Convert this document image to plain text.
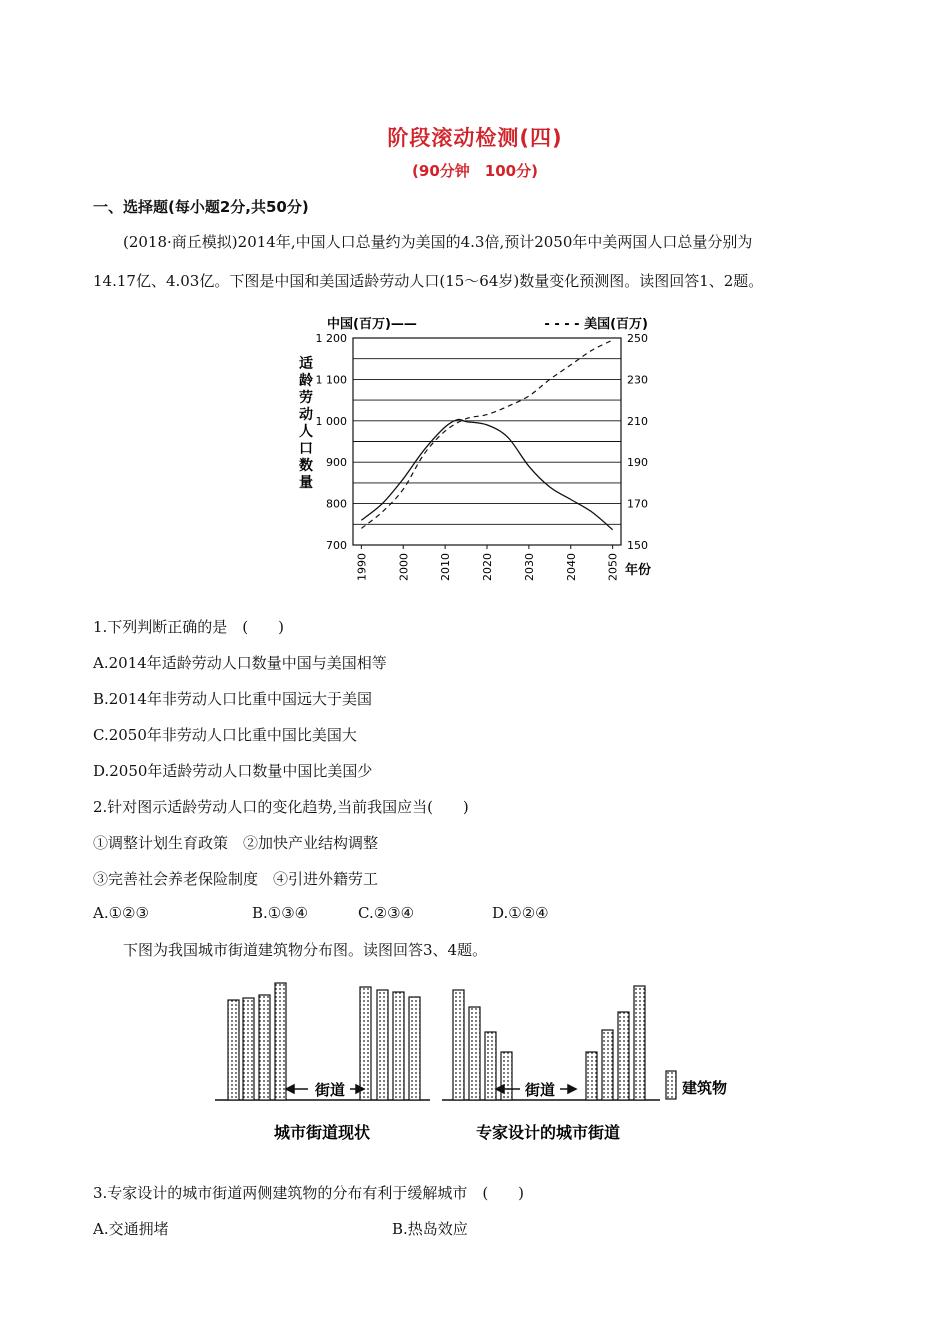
阶段滚动检测(四)
(90分钟　100分)
一、选择题(每小题2分,共50分)
(2018·商丘模拟)2014年,中国人口总量约为美国的4.3倍,预计2050年中美两国人口总量分别为
14.17亿、4.03亿。下图是中国和美国适龄劳动人口(15～64岁)数量变化预测图。读图回答1、2题。
中国(百万)——	- - - - 美国(百万)
适
龄
劳
动
人
口
数
量
1 200
1 100
1 000
900
800
700
250
230
210
190
170
150
1990	2000	2010	2020	2030	2040	2050 年份
1.下列判断正确的是　(　　)
A.2014年适龄劳动人口数量中国与美国相等
B.2014年非劳动人口比重中国远大于美国
C.2050年非劳动人口比重中国比美国大
D.2050年适龄劳动人口数量中国比美国少
2.针对图示适龄劳动人口的变化趋势,当前我国应当(　　)
①调整计划生育政策　②加快产业结构调整
③完善社会养老保险制度　④引进外籍劳工
A.①②③	B.①③④	C.②③④	D.①②④
下图为我国城市街道建筑物分布图。读图回答3、4题。
街道	街道	建筑物
城市街道现状	专家设计的城市街道
3.专家设计的城市街道两侧建筑物的分布有利于缓解城市　(　　)
A.交通拥堵	B.热岛效应
